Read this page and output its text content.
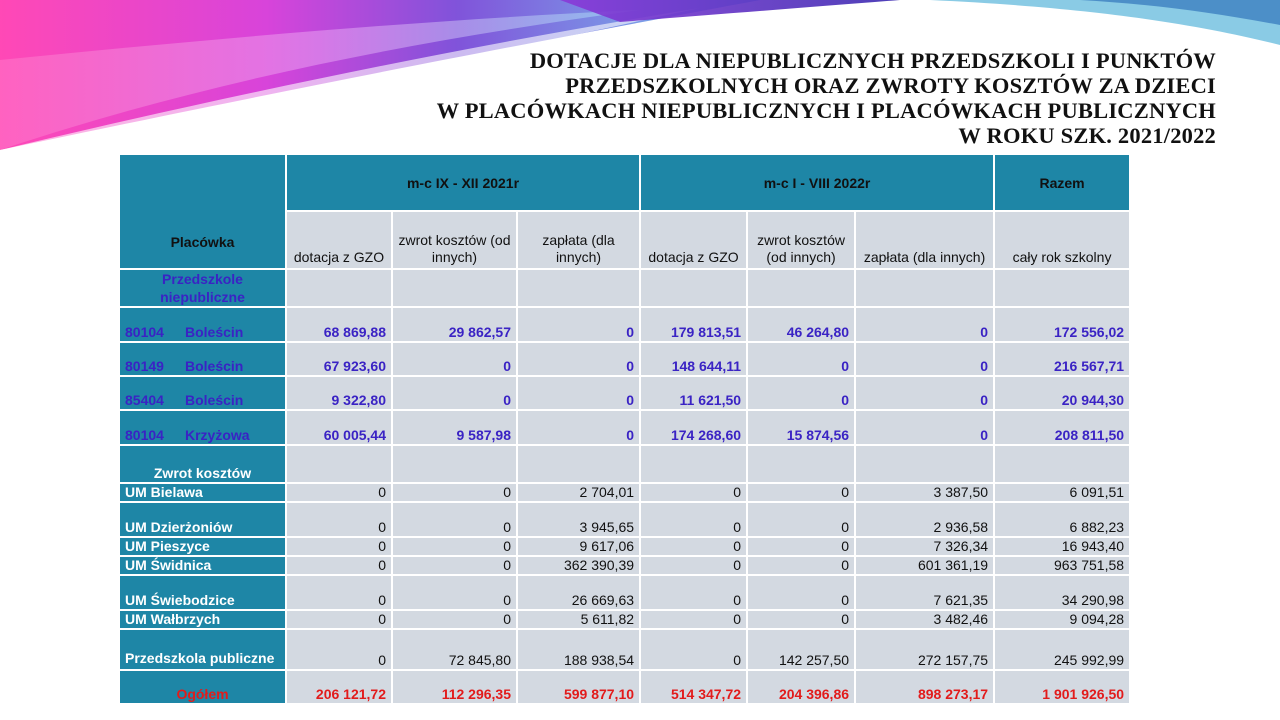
DOTACJE DLA NIEPUBLICZNYCH PRZEDSZKOLI I PUNKTÓW
PRZEDSZKOLNYCH ORAZ ZWROTY KOSZTÓW ZA DZIECI
W PLACÓWKACH NIEPUBLICZNYCH I PLACÓWKACH PUBLICZNYCH
W ROKU SZK. 2021/2022
Placówka	m-c IX - XII 2021r			m-c I - VIII 2022r			Razem
	dotacja z GZO	zwrot kosztów (od innych)	zapłata (dla innych)	dotacja z GZO	zwrot kosztów (od innych)	zapłata (dla innych)	cały rok szkolny
Przedszkole niepubliczne							
80104 Boleścin	68 869,88	29 862,57	0	179 813,51	46 264,80	0	172 556,02
80149 Boleścin	67 923,60	0	0	148 644,11	0	0	216 567,71
85404 Boleścin	9 322,80	0	0	11 621,50	0	0	20 944,30
80104 Krzyżowa	60 005,44	9 587,98	0	174 268,60	15 874,56	0	208 811,50
Zwrot kosztów							
UM Bielawa	0	0	2 704,01	0	0	3 387,50	6 091,51
UM Dzierżoniów	0	0	3 945,65	0	0	2 936,58	6 882,23
UM Pieszyce	0	0	9 617,06	0	0	7 326,34	16 943,40
UM Świdnica	0	0	362 390,39	0	0	601 361,19	963 751,58
UM Świebodzice	0	0	26 669,63	0	0	7 621,35	34 290,98
UM Wałbrzych	0	0	5 611,82	0	0	3 482,46	9 094,28
Przedszkola publiczne	0	72 845,80	188 938,54	0	142 257,50	272 157,75	245 992,99
Ogółem	206 121,72	112 296,35	599 877,10	514 347,72	204 396,86	898 273,17	1 901 926,50
